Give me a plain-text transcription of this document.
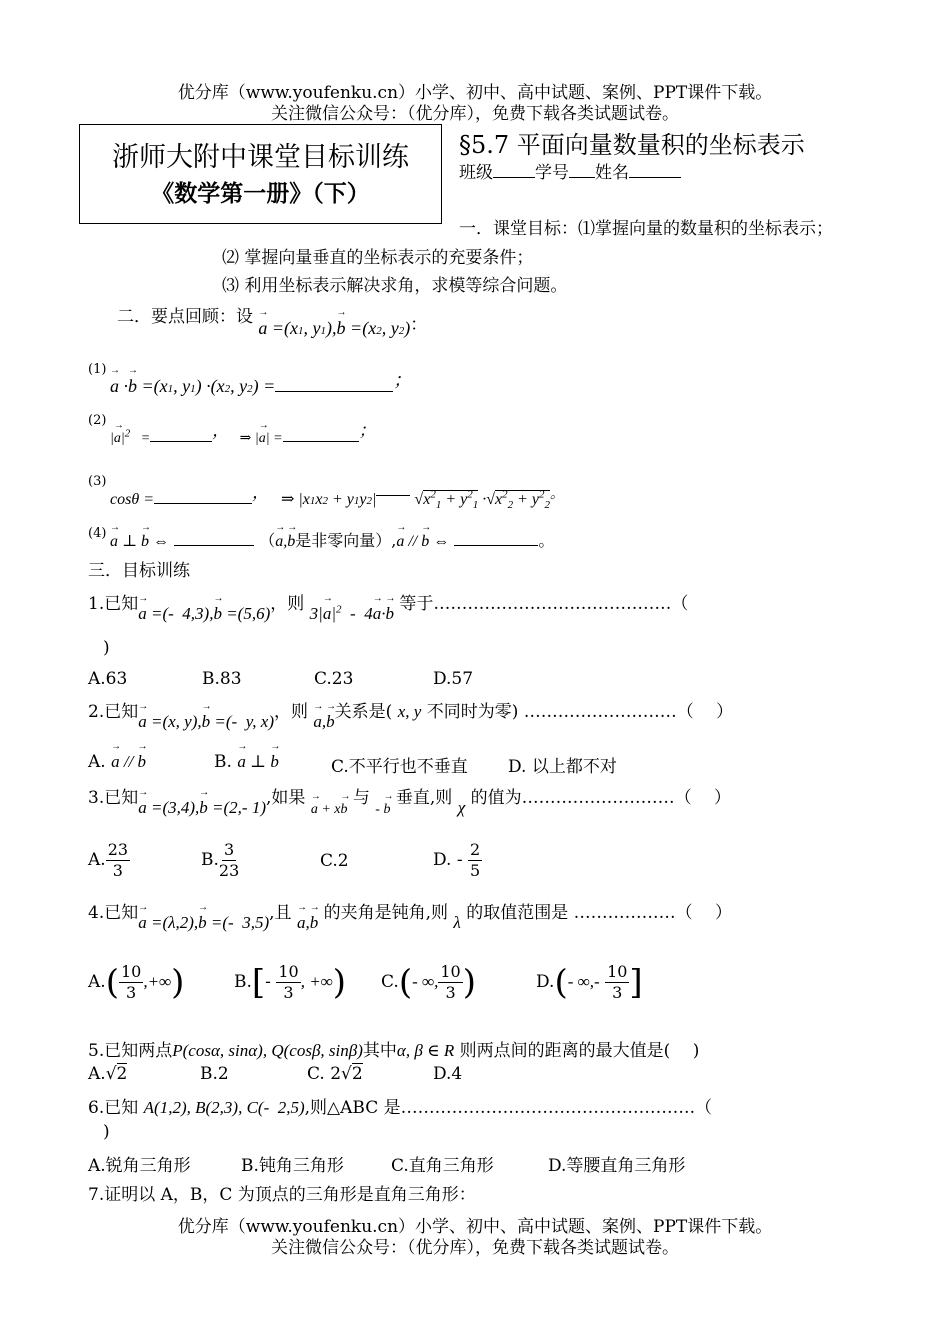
优分库（www.youfenku.cn）小学、初中、高中试题、案例、PPT课件下载。
关注微信公众号：（优分库），免费下载各类试题试卷。
浙师大附中课堂目标训练
《数学第一册》（下）
§5.7 平面向量数量积的坐标表示
班级 学号 姓名
一．课堂目标：⑴掌握向量的数量积的坐标表示；
⑵ 掌握向量垂直的坐标表示的充要条件；
⑶ 利用坐标表示解决求角，求模等综合问题。
二．要点回顾：设 → a =(x1, y1),→ b =(x2, y2)：
(1)
→ a ·→ b =(x1, y1) ·(x2, y2) =	；
(2)
|→ $a|^2$   =	，   ⇒ |→ a| =	；
(3)
cosθ =	，   ⇒ |x1x2 + y1y2| $√x^2_1 + y^2_1 \cdot√x^2_2 + y^2_2$。
(4) → a ⊥ → b ⇔	（→ a,→ b是非零向量）,→ a // → b ⇔	。
三．目标训练
1.已知→ a =(-  4,3),→ b =(5,6)，则 $3|\to a|^2 - 4\to a\cdot\to b$ 等于……………………………………（
)
A.63	B.83	C.23	D.57
2.已知→ a =(x, y),→ b =(-  y, x)，则 → a,→ b关系是( x, y 不同时为零) ………………………（　 ）
A. → a // → b	B. → a ⊥ → b	C.不平行也不垂直 D. 以上都不对
3.已知→ a =(3,4),→ b =(2,- 1),如果 → $_{a + x\to b}$ 与 $_{- \to b}$ 垂直,则 χ 的值为………………………（　 ）
A. $\frac{23}{3}$	B. $\frac{3}{23}$	C.2	D. - $\frac{2}{5}$
4.已知→ a =(λ,2),→ b =(-  3,5),且 → a,→ b 的夹角是钝角,则 λ 的取值范围是 ………………（　 ）
$A.( \frac{10}{3}$ ,+∞)	$B.[- \frac{10}{3}$ , +∞) C.(- ∞, $\frac{10}{3}$ )	D.(- ∞,- $\frac{10}{3}$ ]
5.已知两点P(cosα, sinα), Q(cosβ, sinβ)其中α, β ∈ R 则两点间的距离的最大值是(　 )
A.√2	B.2	C. 2√2	D.4
6.已知 A(1,2), B(2,3), C(-  2,5),则△ABC 是…………………………………………….（
)
A.锐角三角形	B.钝角三角形	C.直角三角形	D.等腰直角三角形
7.证明以 A，B，C 为顶点的三角形是直角三角形：
优分库（www.youfenku.cn）小学、初中、高中试题、案例、PPT课件下载。
关注微信公众号：（优分库），免费下载各类试题试卷。
